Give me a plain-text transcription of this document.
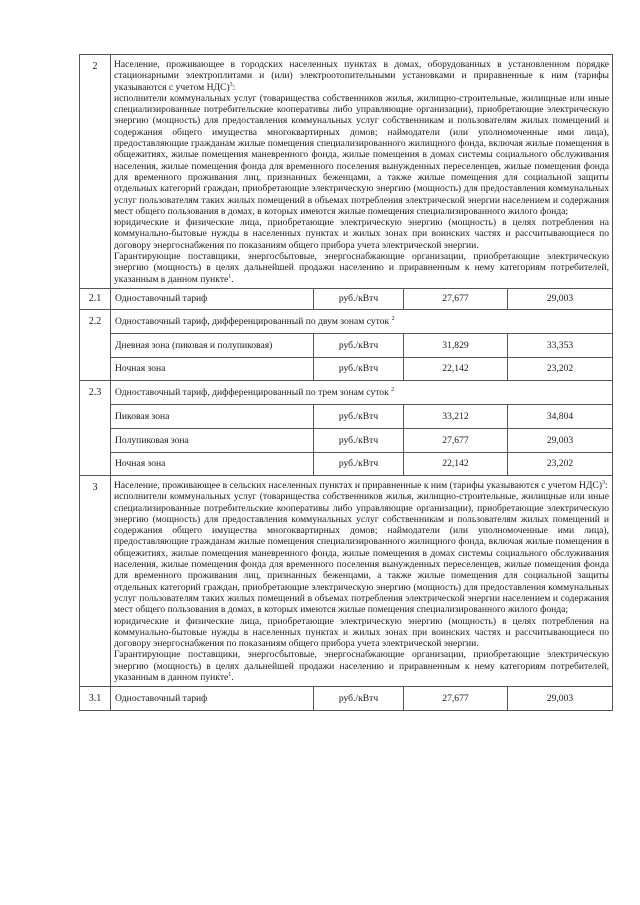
2	Население, проживающее в городских населенных пунктах в домах, оборудованных в установленном порядке стационарными электроплитами и (или) электроотопительными установками и приравненные к ним (тарифы указываются с учетом НДС)$^3$:

исполнители коммунальных услуг (товарищества собственников жилья, жилищно-строительные, жилищные или иные специализированные потребительские кооперативы либо управляющие организации), приобретающие электрическую энергию (мощность) для предоставления коммунальных услуг собственникам и пользователям жилых помещений и содержания общего имущества многоквартирных домов; наймодатели (или уполномоченные ими лица), предоставляющие гражданам жилые помещения специализированного жилищного фонда, включая жилые помещения в общежитиях, жилые помещения маневренного фонда, жилые помещения в домах системы социального обслуживания населения, жилые помещения фонда для временного поселения вынужденных переселенцев, жилые помещения фонда для временного проживания лиц, признанных беженцами, а также жилые помещения для социальной защиты отдельных категорий граждан, приобретающие электрическую энергию (мощность) для предоставления коммунальных услуг пользователям таких жилых помещений в объемах потребления электрической энергии населением и содержания мест общего пользования в домах, в которых имеются жилые помещения специализированного жилого фонда;

юридические и физические лица, приобретающие электрическую энергию (мощность) в целях потребления на коммунально-бытовые нужды в населенных пунктах и жилых зонах при воинских частях и рассчитывающиеся по договору энергоснабжения по показаниям общего прибора учета электрической энергии.

Гарантирующие поставщики, энергосбытовые, энергоснабжающие организации, приобретающие электрическую энергию (мощность) в целях дальнейшей продажи населению и приравненным к нему категориям потребителей, указанным в данном пункте$^1$.			

2.1	Одноставочный тариф	руб./кВтч	27,677	29,003
2.2	Одноставочный тариф, дифференцированный по двум зонам суток $^2$
	Дневная зона (пиковая и полупиковая)	руб./кВтч	31,829	33,353
	Ночная зона	руб./кВтч	22,142	23,202
2.3	Одноставочный тариф, дифференцированный по трем зонам суток $^2$
	Пиковая зона	руб./кВтч	33,212	34,804
	Полупиковая зона	руб./кВтч	27,677	29,003
	Ночная зона	руб./кВтч	22,142	23,202
3	Население, проживающее в сельских населенных пунктах и приравненные к ним (тарифы указываются с учетом НДС)$^3$:

исполнители коммунальных услуг (товарищества собственников жилья, жилищно-строительные, жилищные или иные специализированные потребительские кооперативы либо управляющие организации), приобретающие электрическую энергию (мощность) для предоставления коммунальных услуг собственникам и пользователям жилых помещений и содержания общего имущества многоквартирных домов; наймодатели (или уполномоченные ими лица), предоставляющие гражданам жилые помещения специализированного жилищного фонда, включая жилые помещения в общежитиях, жилые помещения маневренного фонда, жилые помещения в домах системы социального обслуживания населения, жилые помещения фонда для временного поселения вынужденных переселенцев, жилые помещения фонда для временного проживания лиц, признанных беженцами, а также жилые помещения для социальной защиты отдельных категорий граждан, приобретающие электрическую энергию (мощность) для предоставления коммунальных услуг пользователям таких жилых помещений в объемах потребления электрической энергии населением и содержания мест общего пользования в домах, в которых имеются жилые помещения специализированного жилого фонда;

юридические и физические лица, приобретающие электрическую энергию (мощность) в целях потребления на коммунально-бытовые нужды в населенных пунктах и жилых зонах при воинских частях и рассчитывающиеся по договору энергоснабжения по показаниям общего прибора учета электрической энергии.

Гарантирующие поставщики, энергосбытовые, энергоснабжающие организации, приобретающие электрическую энергию (мощность) в целях дальнейшей продажи населению и приравненным к нему категориям потребителей, указанным в данном пункте$^1$.			

3.1	Одноставочный тариф	руб./кВтч	27,677	29,003
